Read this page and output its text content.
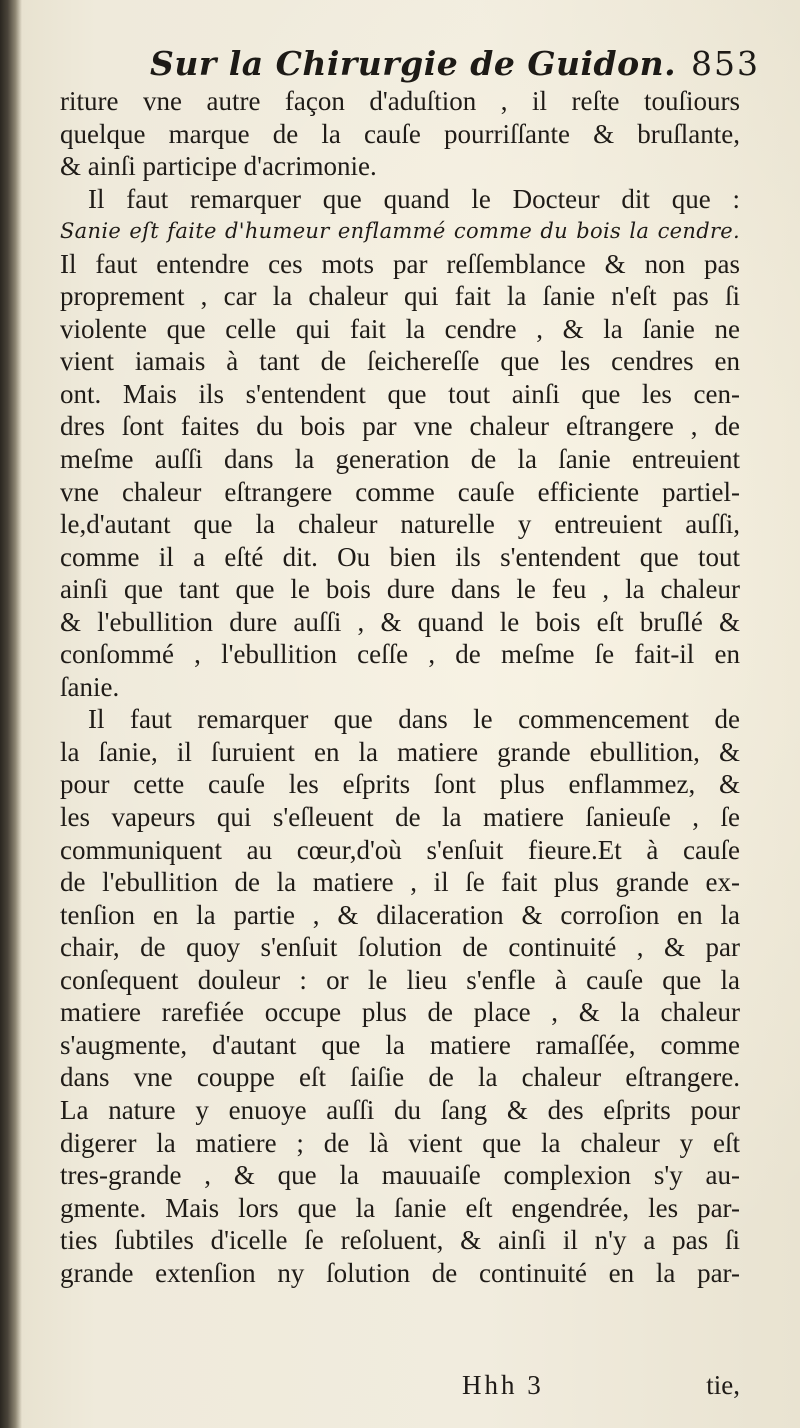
Sur la Chirurgie de Guidon. 853
riture vne autre façon d'aduſtion , il reſte touſiours
quelque marque de la cauſe pourriſſante & bruſlante,
& ainſi participe d'acrimonie.
Il faut remarquer que quand le Docteur dit que :
Sanie eſt faite d'humeur enflammé comme du bois la cendre.
Il faut entendre ces mots par reſſemblance & non pas
proprement , car la chaleur qui fait la ſanie n'eſt pas ſi
violente que celle qui fait la cendre , & la ſanie ne
vient iamais à tant de ſeichereſſe que les cendres en
ont. Mais ils s'entendent que tout ainſi que les cen-
dres ſont faites du bois par vne chaleur eſtrangere , de
meſme auſſi dans la generation de la ſanie entreuient
vne chaleur eſtrangere comme cauſe efficiente partiel-
le,d'autant que la chaleur naturelle y entreuient auſſi,
comme il a eſté dit. Ou bien ils s'entendent que tout
ainſi que tant que le bois dure dans le feu , la chaleur
& l'ebullition dure auſſi , & quand le bois eſt bruſlé &
conſommé , l'ebullition ceſſe , de meſme ſe fait-il en
ſanie.
Il faut remarquer que dans le commencement de
la ſanie, il ſuruient en la matiere grande ebullition, &
pour cette cauſe les eſprits ſont plus enflammez, &
les vapeurs qui s'eſleuent de la matiere ſanieuſe , ſe
communiquent au cœur,d'où s'enſuit fieure.Et à cauſe
de l'ebullition de la matiere , il ſe fait plus grande ex-
tenſion en la partie , & dilaceration & corroſion en la
chair, de quoy s'enſuit ſolution de continuité , & par
conſequent douleur : or le lieu s'enfle à cauſe que la
matiere rarefiée occupe plus de place , & la chaleur
s'augmente, d'autant que la matiere ramaſſée, comme
dans vne couppe eſt ſaiſie de la chaleur eſtrangere.
La nature y enuoye auſſi du ſang & des eſprits pour
digerer la matiere ; de là vient que la chaleur y eſt
tres-grande , & que la mauuaiſe complexion s'y au-
gmente. Mais lors que la ſanie eſt engendrée, les par-
ties ſubtiles d'icelle ſe reſoluent, & ainſi il n'y a pas ſi
grande extenſion ny ſolution de continuité en la par-
Hhh 3	tie,
